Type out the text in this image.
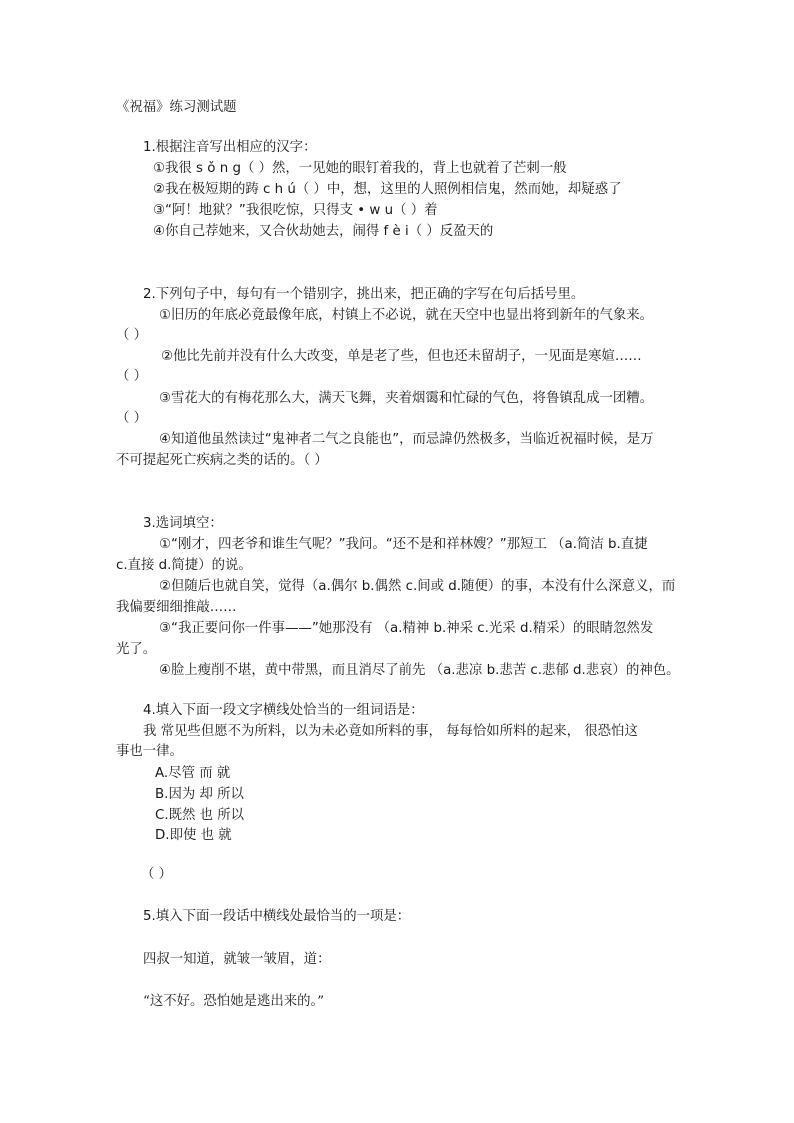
《祝福》练习测试题
1.根据注音写出相应的汉字：
①我很 s ǒ n g（ ）然，一见她的眼钉着我的，背上也就着了芒刺一般
②我在极短期的踌 c h ú（ ）中，想，这里的人照例相信鬼，然而她，却疑惑了
③“阿！地狱？”我很吃惊，只得支 • w u（ ）着
④你自己荐她来，又合伙劫她去，闹得 f è i（ ）反盈天的
2.下列句子中，每句有一个错别字，挑出来，把正确的字写在句后括号里。
①旧历的年底必竟最像年底，村镇上不必说，就在天空中也显出将到新年的气象来。
（ ）
②他比先前并没有什么大改变，单是老了些，但也还未留胡子，一见面是寒媗……
（ ）
③雪花大的有梅花那么大，满天飞舞，夹着烟霭和忙碌的气色，将鲁镇乱成一团糟。
（ ）
④知道他虽然读过“鬼神者二气之良能也”，而忌諱仍然极多，当临近祝福时候，是万
不可提起死亡疾病之类的话的。（ ）
3.选词填空：
①“刚才，四老爷和谁生气呢？”我问。“还不是和祥林嫂？”那短工 （a.简洁 b.直捷
c.直接 d.简捷）的说。
②但随后也就自笑，觉得（a.偶尔 b.偶然 c.间或 d.随便）的事，本没有什么深意义，而
我偏要细细推敲……
③“我正要问你一件事——”她那没有 （a.精神 b.神采 c.光采 d.精采）的眼睛忽然发
光了。
④脸上瘦削不堪，黄中带黑，而且消尽了前先 （a.悲凉 b.悲苦 c.悲郁 d.悲哀）的神色。
4.填入下面一段文字横线处恰当的一组词语是：
我 常见些但愿不为所料，以为未必竟如所料的事， 每每恰如所料的起来， 很恐怕这
事也一律。
A.尽管 而 就
B.因为 却 所以
C.既然 也 所以
D.即使 也 就
（ ）
5.填入下面一段话中横线处最恰当的一项是：
四叔一知道，就皱一皱眉，道：
“这不好。恐怕她是逃出来的。”
